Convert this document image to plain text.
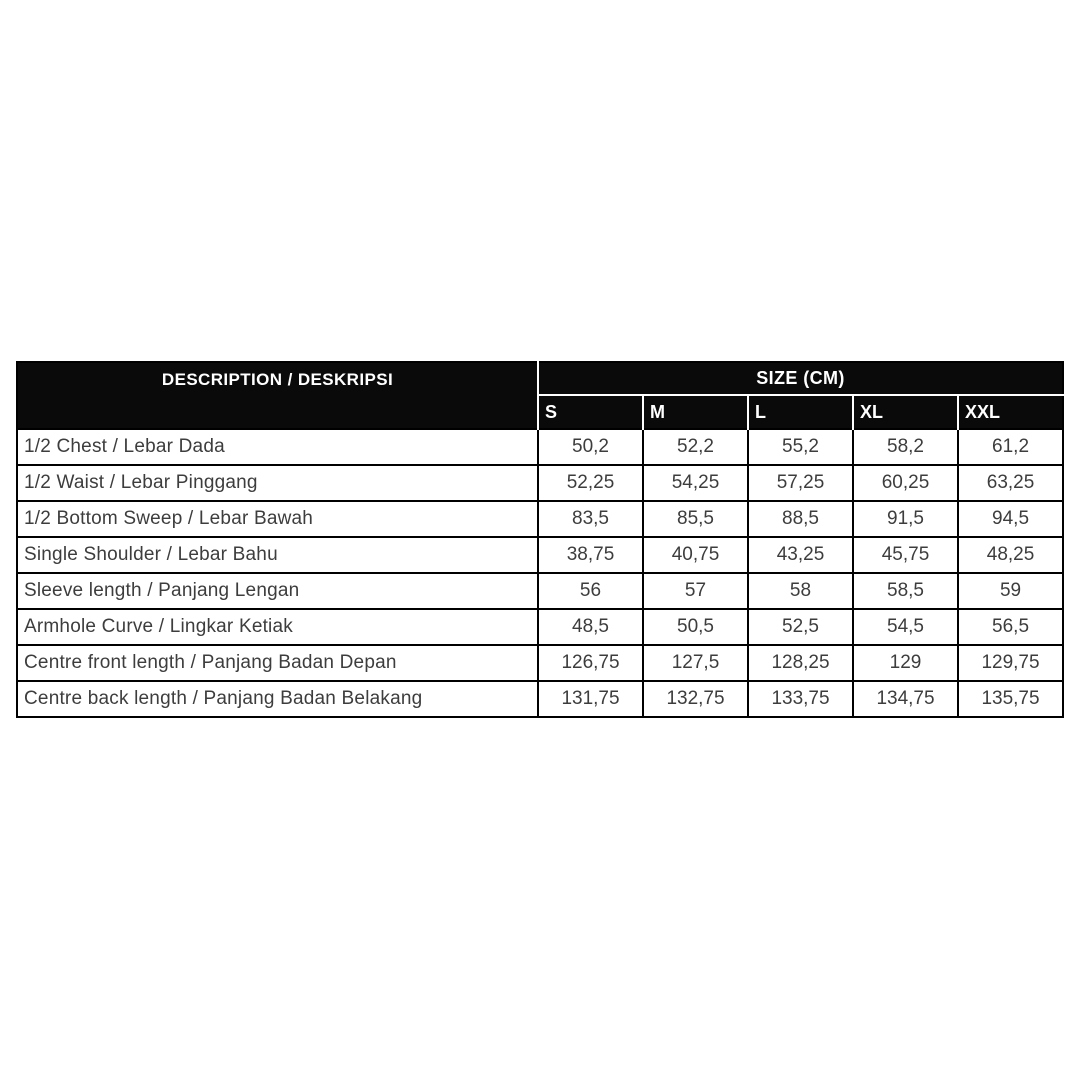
DESCRIPTION / DESKRIPSI	SIZE (CM)				
	S	M	L	XL	XXL
1/2 Chest / Lebar Dada	50,2	52,2	55,2	58,2	61,2
1/2 Waist / Lebar Pinggang	52,25	54,25	57,25	60,25	63,25
1/2 Bottom Sweep / Lebar Bawah	83,5	85,5	88,5	91,5	94,5
Single Shoulder / Lebar Bahu	38,75	40,75	43,25	45,75	48,25
Sleeve length / Panjang Lengan	56	57	58	58,5	59
Armhole Curve / Lingkar Ketiak	48,5	50,5	52,5	54,5	56,5
Centre front length / Panjang Badan Depan	126,75	127,5	128,25	129	129,75
Centre back length / Panjang Badan Belakang	131,75	132,75	133,75	134,75	135,75
